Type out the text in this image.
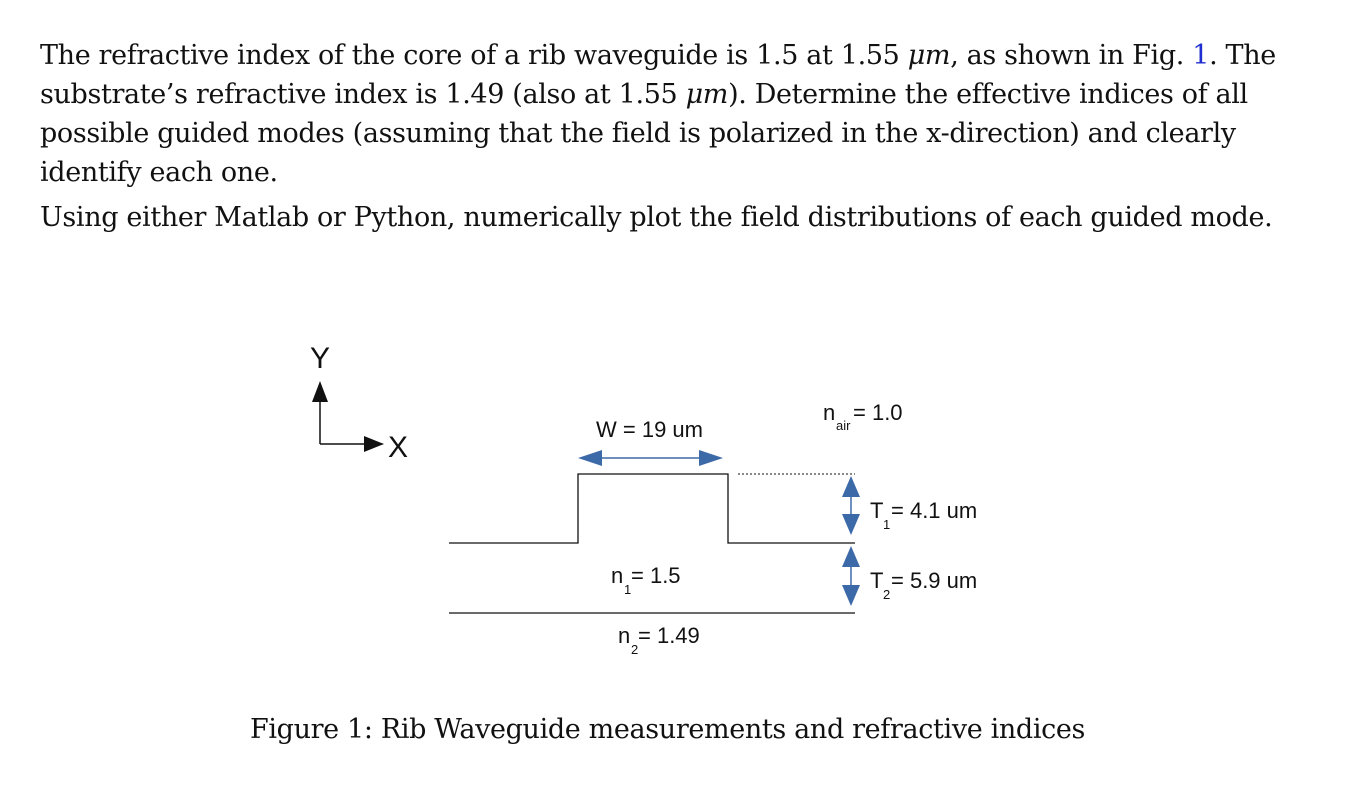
The refractive index of the core of a rib waveguide is 1.5 at 1.55 μm, as shown in Fig. 1. The substrate’s refractive index is 1.49 (also at 1.55 μm). Determine the effective indices of all possible guided modes (assuming that the field is polarized in the x-direction) and clearly identify each one.

Using either Matlab or Python, numerically plot the field distributions of each guided mode.

Y
X
W = 19 um
n
air
= 1.0
T
1
= 4.1 um
T
2
= 5.9 um
n
1
= 1.5
n
2
= 1.49
Figure 1: Rib Waveguide measurements and refractive indices
